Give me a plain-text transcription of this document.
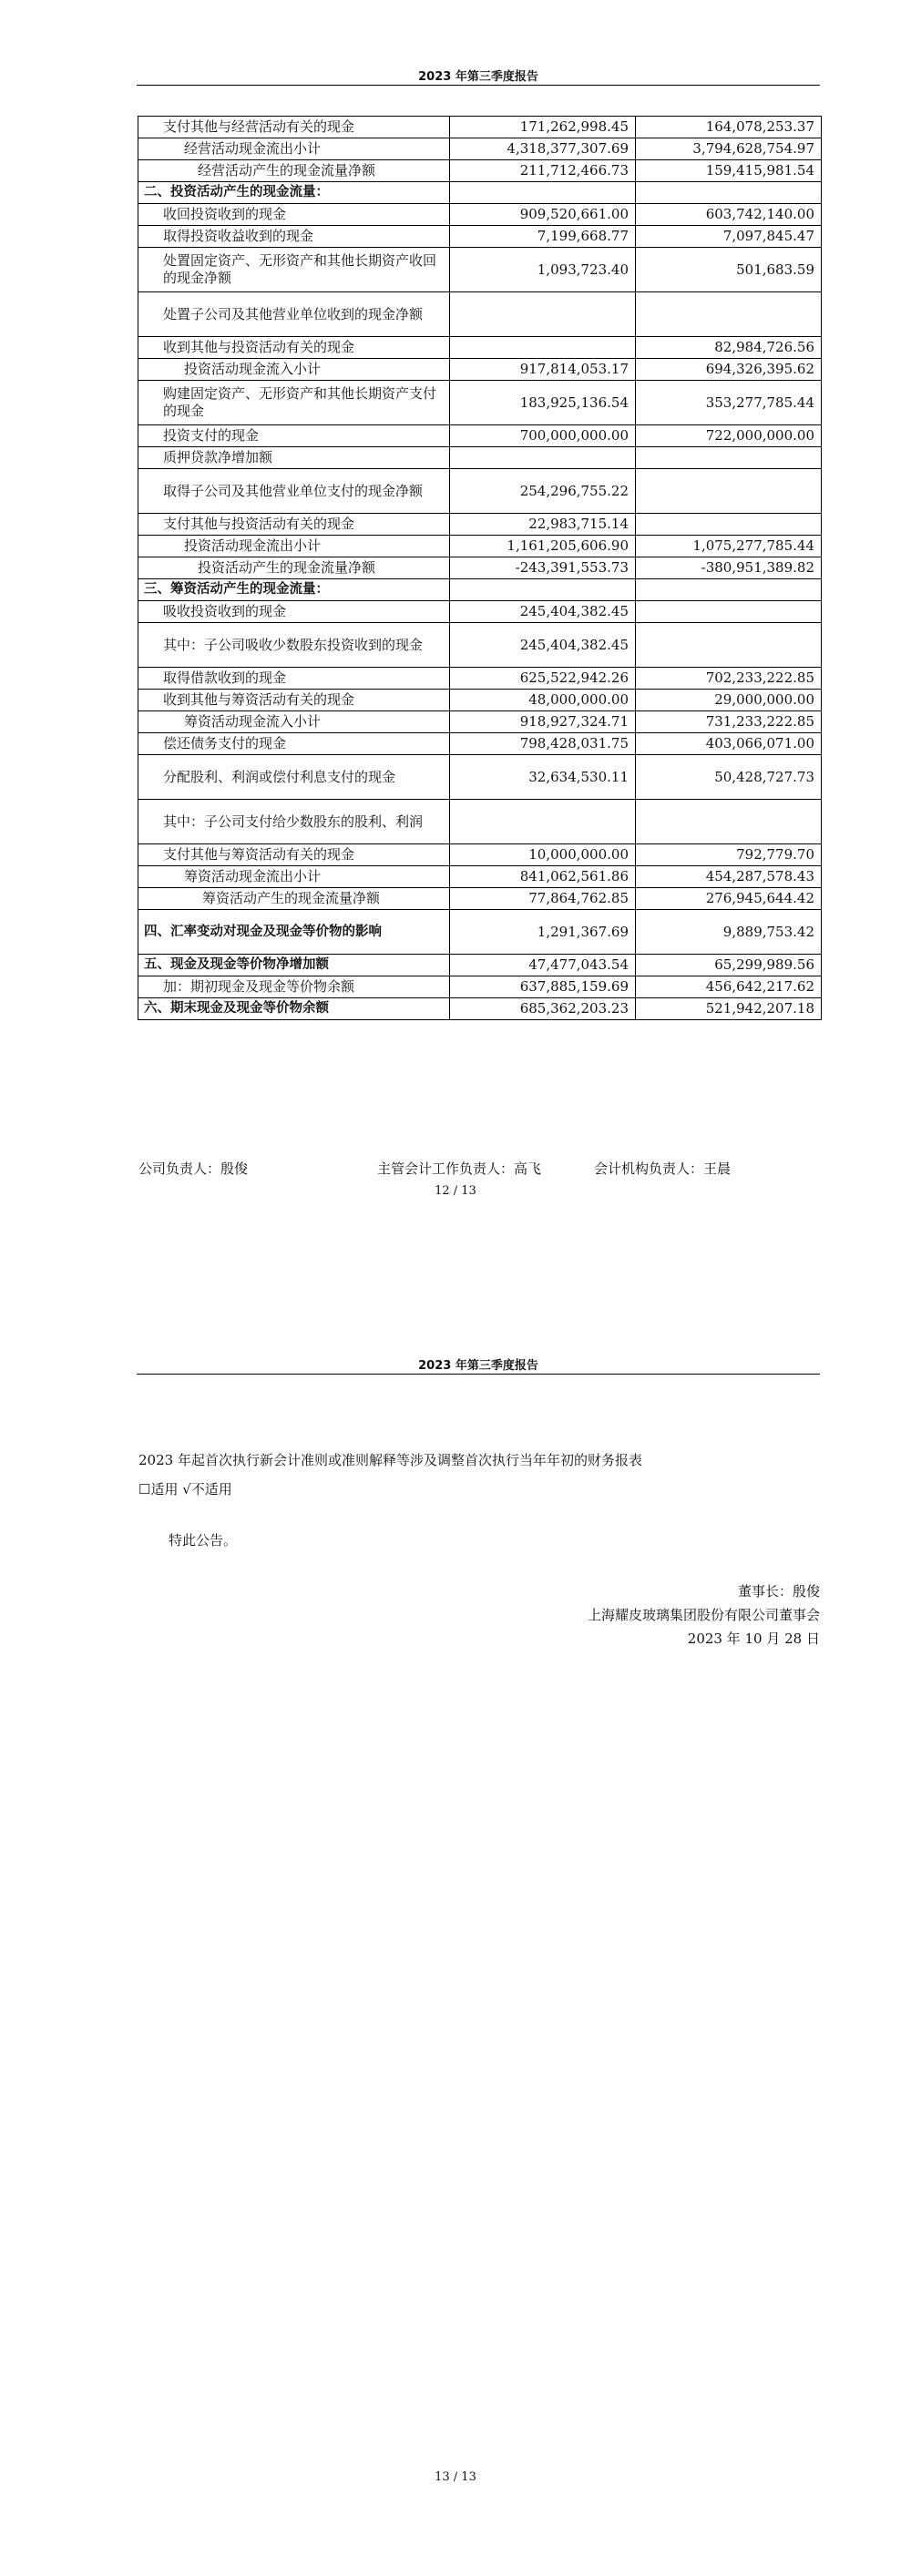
2023 年第三季度报告
支付其他与经营活动有关的现金	171,262,998.45	164,078,253.37
经营活动现金流出小计	4,318,377,307.69	3,794,628,754.97
经营活动产生的现金流量净额	211,712,466.73	159,415,981.54
二、投资活动产生的现金流量：		
收回投资收到的现金	909,520,661.00	603,742,140.00
取得投资收益收到的现金	7,199,668.77	7,097,845.47
处置固定资产、无形资产和其他长期资产收回的现金净额	1,093,723.40	501,683.59
处置子公司及其他营业单位收到的现金净额		
收到其他与投资活动有关的现金		82,984,726.56
投资活动现金流入小计	917,814,053.17	694,326,395.62
购建固定资产、无形资产和其他长期资产支付的现金	183,925,136.54	353,277,785.44
投资支付的现金	700,000,000.00	722,000,000.00
质押贷款净增加额		
取得子公司及其他营业单位支付的现金净额	254,296,755.22	
支付其他与投资活动有关的现金	22,983,715.14	
投资活动现金流出小计	1,161,205,606.90	1,075,277,785.44
投资活动产生的现金流量净额	-243,391,553.73	-380,951,389.82
三、筹资活动产生的现金流量：		
吸收投资收到的现金	245,404,382.45	
其中：子公司吸收少数股东投资收到的现金	245,404,382.45	
取得借款收到的现金	625,522,942.26	702,233,222.85
收到其他与筹资活动有关的现金	48,000,000.00	29,000,000.00
筹资活动现金流入小计	918,927,324.71	731,233,222.85
偿还债务支付的现金	798,428,031.75	403,066,071.00
分配股利、利润或偿付利息支付的现金	32,634,530.11	50,428,727.73
其中：子公司支付给少数股东的股利、利润		
支付其他与筹资活动有关的现金	10,000,000.00	792,779.70
筹资活动现金流出小计	841,062,561.86	454,287,578.43
筹资活动产生的现金流量净额	77,864,762.85	276,945,644.42
四、汇率变动对现金及现金等价物的影响	1,291,367.69	9,889,753.42
五、现金及现金等价物净增加额	47,477,043.54	65,299,989.56
加：期初现金及现金等价物余额	637,885,159.69	456,642,217.62
六、期末现金及现金等价物余额	685,362,203.23	521,942,207.18
公司负责人：殷俊	主管会计工作负责人：高飞	会计机构负责人：王晨
12 / 13
2023 年第三季度报告
2023 年起首次执行新会计准则或准则解释等涉及调整首次执行当年年初的财务报表
☐适用 √不适用
特此公告。
董事长：殷俊
上海耀皮玻璃集团股份有限公司董事会
2023 年 10 月 28 日
13 / 13
